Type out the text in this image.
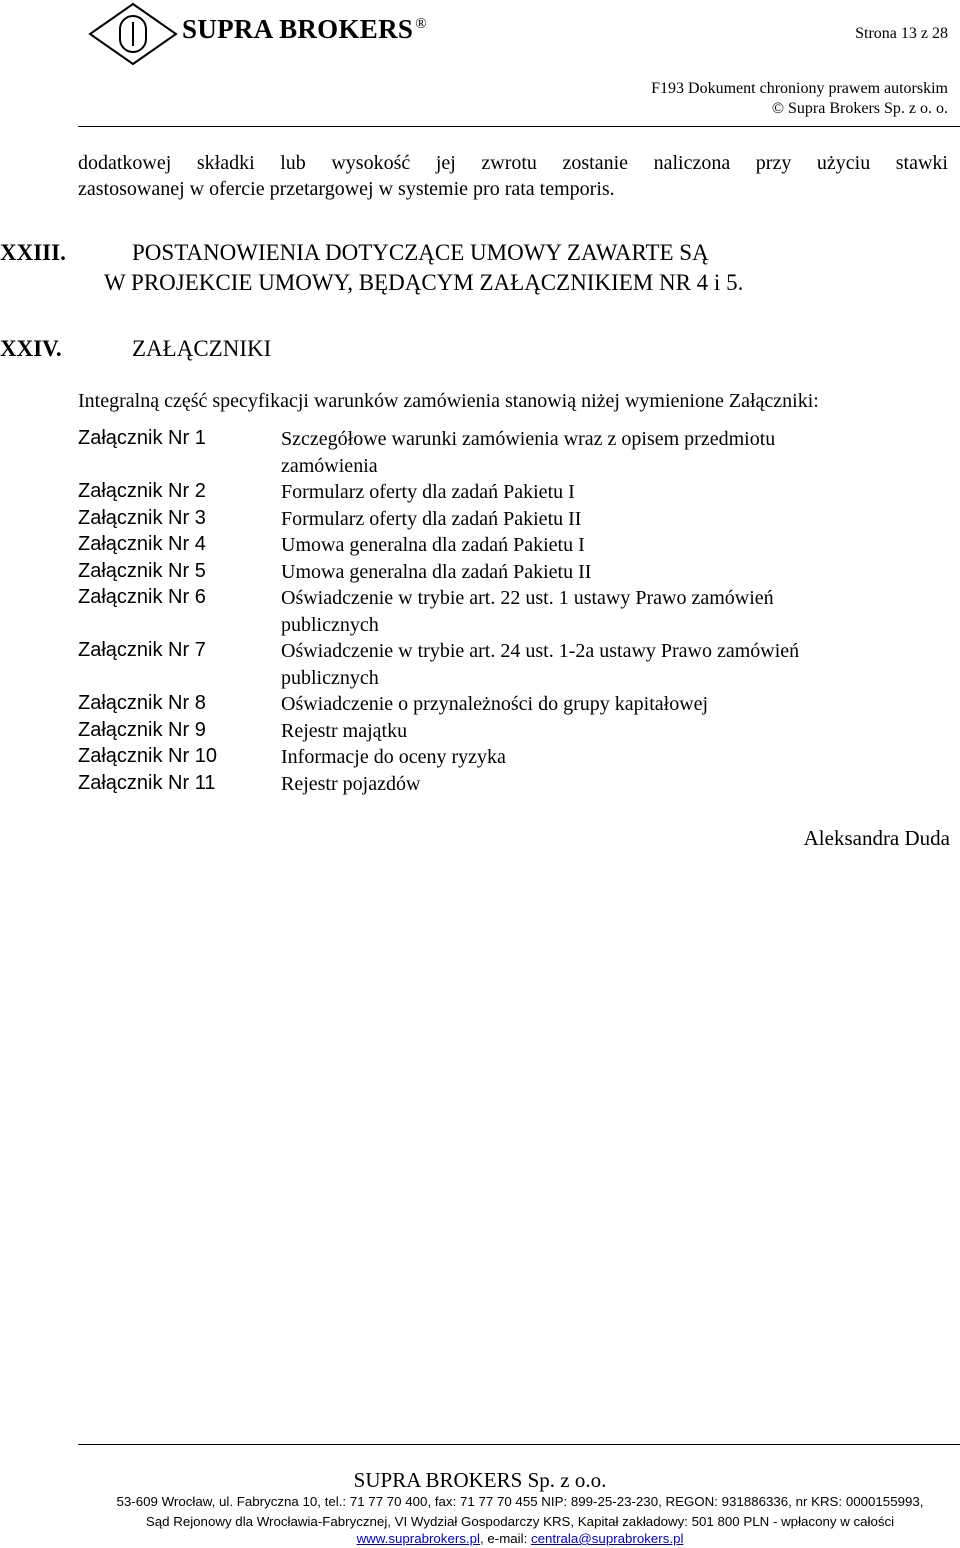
SUPRA BROKERS ®
Strona 13 z 28
F193 Dokument chroniony prawem autorskim
© Supra Brokers Sp. z o. o.
dodatkowej składki lub wysokość jej zwrotu zostanie naliczona przy użyciu stawki
zastosowanej w ofercie przetargowej w systemie pro rata temporis.
XXIII.	POSTANOWIENIA DOTYCZĄCE UMOWY ZAWARTE SĄ
W PROJEKCIE UMOWY, BĘDĄCYM ZAŁĄCZNIKIEM NR 4 i 5.
XXIV.	ZAŁĄCZNIKI
Integralną część specyfikacji warunków zamówienia stanowią niżej wymienione Załączniki:
Załącznik Nr 1	Szczegółowe warunki zamówienia wraz z opisem przedmiotu
zamówienia
Załącznik Nr 2	Formularz oferty dla zadań Pakietu I
Załącznik Nr 3	Formularz oferty dla zadań Pakietu II
Załącznik Nr 4	Umowa generalna dla zadań Pakietu I
Załącznik Nr 5	Umowa generalna dla zadań Pakietu II
Załącznik Nr 6	Oświadczenie w trybie art. 22 ust. 1 ustawy Prawo zamówień
publicznych
Załącznik Nr 7	Oświadczenie w trybie art. 24 ust. 1-2a ustawy Prawo zamówień
publicznych
Załącznik Nr 8	Oświadczenie o przynależności do grupy kapitałowej
Załącznik Nr 9	Rejestr majątku
Załącznik Nr 10	Informacje do oceny ryzyka
Załącznik Nr 11	Rejestr pojazdów
Aleksandra Duda
SUPRA BROKERS Sp. z o.o.
53-609 Wrocław, ul. Fabryczna 10, tel.: 71 77 70 400, fax: 71 77 70 455 NIP: 899-25-23-230, REGON: 931886336, nr KRS: 0000155993,
Sąd Rejonowy dla Wrocławia-Fabrycznej, VI Wydział Gospodarczy KRS, Kapitał zakładowy: 501 800 PLN - wpłacony w całości
www.suprabrokers.pl, e-mail: centrala@suprabrokers.pl
